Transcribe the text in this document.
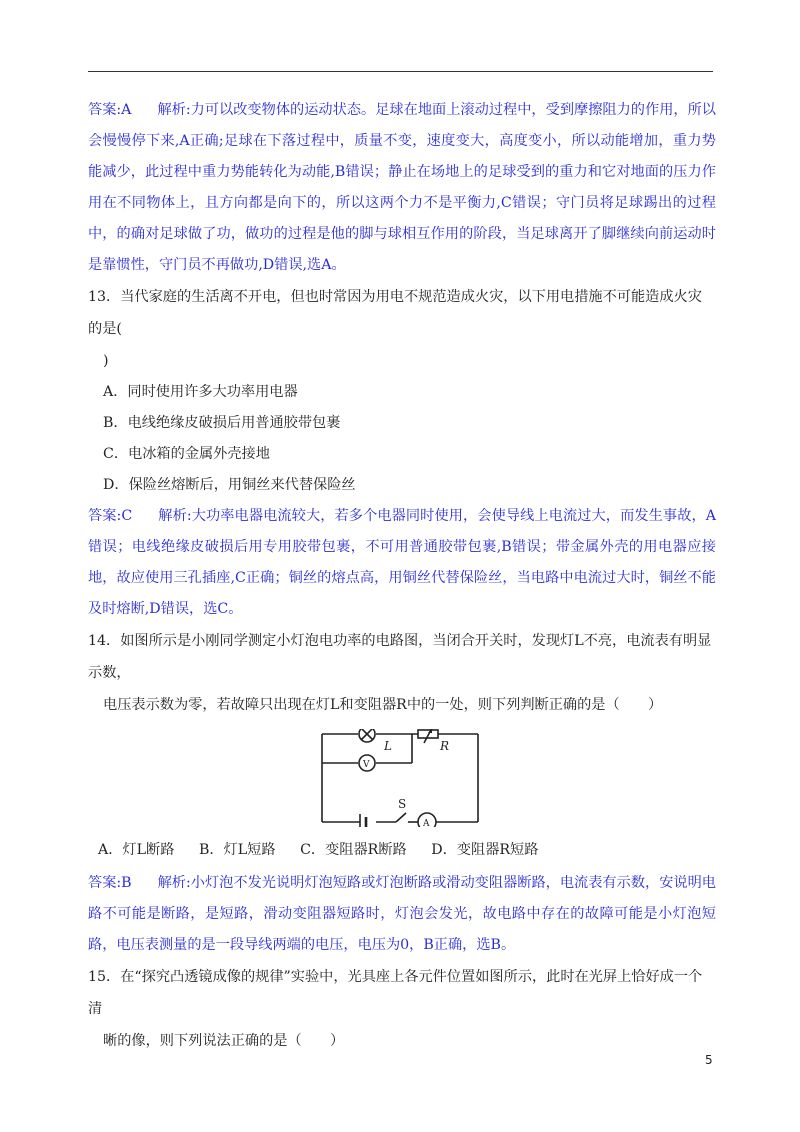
答案:A 解析:力可以改变物体的运动状态。足球在地面上滚动过程中，受到摩擦阻力的作用，所以会慢慢停下来,A正确;足球在下落过程中，质量不变，速度变大，高度变小，所以动能增加，重力势能减少，此过程中重力势能转化为动能,B错误；静止在场地上的足球受到的重力和它对地面的压力作用在不同物体上，且方向都是向下的，所以这两个力不是平衡力,C错误；守门员将足球踢出的过程中，的确对足球做了功，做功的过程是他的脚与球相互作用的阶段，当足球离开了脚继续向前运动时是靠惯性，守门员不再做功,D错误,选A。

13．当代家庭的生活离不开电，但也时常因为用电不规范造成火灾，以下用电措施不可能造成火灾的是(

)

A．同时使用许多大功率用电器

B．电线绝缘皮破损后用普通胶带包裹

C．电冰箱的金属外壳接地

D．保险丝熔断后，用铜丝来代替保险丝

答案:C 解析:大功率电器电流较大，若多个电器同时使用，会使导线上电流过大，而发生事故，A错误；电线绝缘皮破损后用专用胶带包裹，不可用普通胶带包裹,B错误；带金属外壳的用电器应接地，故应使用三孔插座,C正确；铜丝的熔点高，用铜丝代替保险丝，当电路中电流过大时，铜丝不能及时熔断,D错误，选C。

14．如图所示是小刚同学测定小灯泡电功率的电路图，当闭合开关时，发现灯L不亮，电流表有明显示数，

电压表示数为零，若故障只出现在灯L和变阻器R中的一处，则下列判断正确的是（　　）

L	R
S
V
A
A．灯L断路 B．灯L短路 C．变阻器R断路 D．变阻器R短路

答案:B 解析:小灯泡不发光说明灯泡短路或灯泡断路或滑动变阻器断路，电流表有示数，安说明电路不可能是断路，是短路，滑动变阻器短路时，灯泡会发光，故电路中存在的故障可能是小灯泡短路，电压表测量的是一段导线两端的电压，电压为0，B正确，选B。

15．在“探究凸透镜成像的规律”实验中，光具座上各元件位置如图所示，此时在光屏上恰好成一个清

晰的像，则下列说法正确的是（　　）

5
